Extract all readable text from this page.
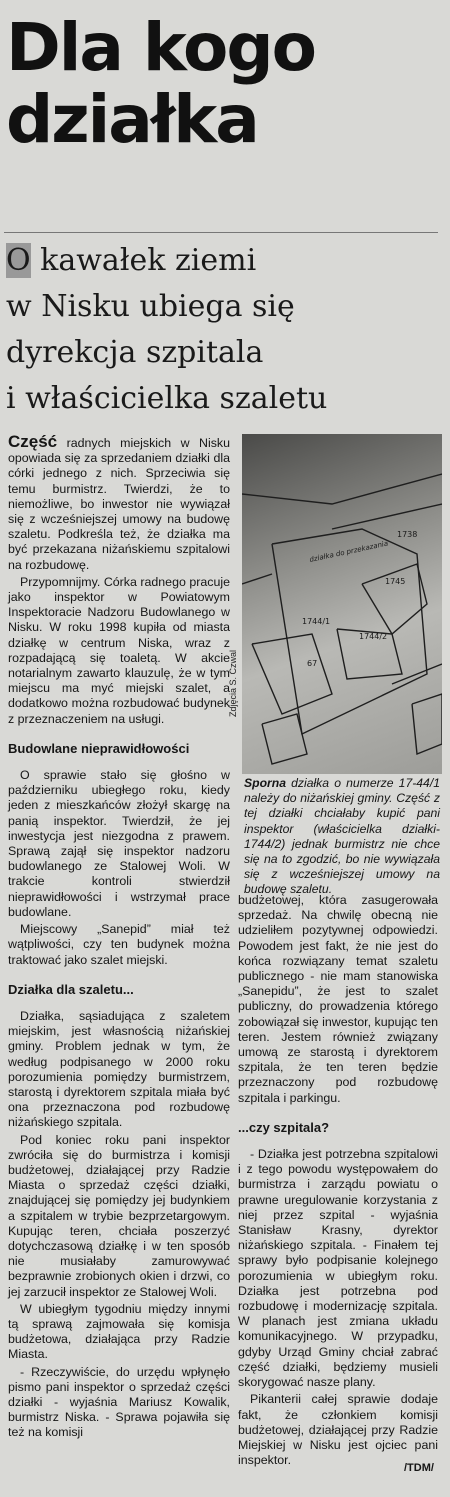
Dla kogo
działka
O kawałek ziemi
w Nisku ubiega się
dyrekcja szpitala
i właścicielka szaletu
1738
1745
1744/1
1744/2
67
działka do przekazania
Zdjęcia S. Czwal
Sporna działka o numerze 17-44/1 należy do niżańskiej gminy. Część z tej działki chciałaby kupić pani inspektor (właścicielka działki- 1744/2) jednak burmistrz nie chce się na to zgodzić, bo nie wywiązała się z wcześniejszej umowy na budowę szaletu.

Część radnych miejskich w Nisku opowiada się za sprzedaniem działki dla córki jednego z nich. Sprzeciwia się temu burmistrz. Twierdzi, że to niemożliwe, bo inwestor nie wywiązał się z wcześniejszej umowy na budowę szaletu. Podkreśla też, że działka ma być przekazana niżańskiemu szpitalowi na rozbudowę.

Przypomnijmy. Córka radnego pracuje jako inspektor w Powiatowym Inspektoracie Nadzoru Budowlanego w Nisku. W roku 1998 kupiła od miasta działkę w centrum Niska, wraz z rozpadającą się toaletą. W akcie notarialnym zawarto klauzulę, że w tym miejscu ma myć miejski szalet, a dodatkowo można rozbudować budynek z przeznaczeniem na usługi.

Budowlane nieprawidłowości

O sprawie stało się głośno w październiku ubiegłego roku, kiedy jeden z mieszkańców złożył skargę na panią inspektor. Twierdził, że jej inwestycja jest niezgodna z prawem. Sprawą zajął się inspektor nadzoru budowlanego ze Stalowej Woli. W trakcie kontroli stwierdził nieprawidłowości i wstrzymał prace budowlane.

Miejscowy „Sanepid” miał też wątpliwości, czy ten budynek można traktować jako szalet miejski.

Działka dla szaletu...

Działka, sąsiadująca z szaletem miejskim, jest własnością niżańskiej gminy. Problem jednak w tym, że według podpisanego w 2000 roku porozumienia pomiędzy burmistrzem, starostą i dyrektorem szpitala miała być ona przeznaczona pod rozbudowę niżańskiego szpitala.

Pod koniec roku pani inspektor zwróciła się do burmistrza i komisji budżetowej, działającej przy Radzie Miasta o sprzedaż części działki, znajdującej się pomiędzy jej budynkiem a szpitalem w trybie bezprzetargowym. Kupując teren, chciała poszerzyć dotychczasową działkę i w ten sposób nie musiałaby zamurowywać bezprawnie zrobionych okien i drzwi, co jej zarzucił inspektor ze Stalowej Woli.

W ubiegłym tygodniu między innymi tą sprawą zajmowała się komisja budżetowa, działająca przy Radzie Miasta.

- Rzeczywiście, do urzędu wpłynęło pismo pani inspektor o sprzedaż części działki - wyjaśnia Mariusz Kowalik, burmistrz Niska. - Sprawa pojawiła się też na komisji

budżetowej, która zasugerowała sprzedaż. Na chwilę obecną nie udzieliłem pozytywnej odpowiedzi. Powodem jest fakt, że nie jest do końca rozwiązany temat szaletu publicznego - nie mam stanowiska „Sanepidu”, że jest to szalet publiczny, do prowadzenia którego zobowiązał się inwestor, kupując ten teren. Jestem również związany umową ze starostą i dyrektorem szpitala, że ten teren będzie przeznaczony pod rozbudowę szpitala i parkingu.

...czy szpitala?

- Działka jest potrzebna szpitalowi i z tego powodu występowałem do burmistrza i zarządu powiatu o prawne uregulowanie korzystania z niej przez szpital - wyjaśnia Stanisław Krasny, dyrektor niżańskiego szpitala. - Finałem tej sprawy było podpisanie kolejnego porozumienia w ubiegłym roku. Działka jest potrzebna pod rozbudowę i modernizację szpitala. W planach jest zmiana układu komunikacyjnego. W przypadku, gdyby Urząd Gminy chciał zabrać część działki, będziemy musieli skorygować nasze plany.

Pikanterii całej sprawie dodaje fakt, że członkiem komisji budżetowej, działającej przy Radzie Miejskiej w Nisku jest ojciec pani inspektor.

/TDM/
